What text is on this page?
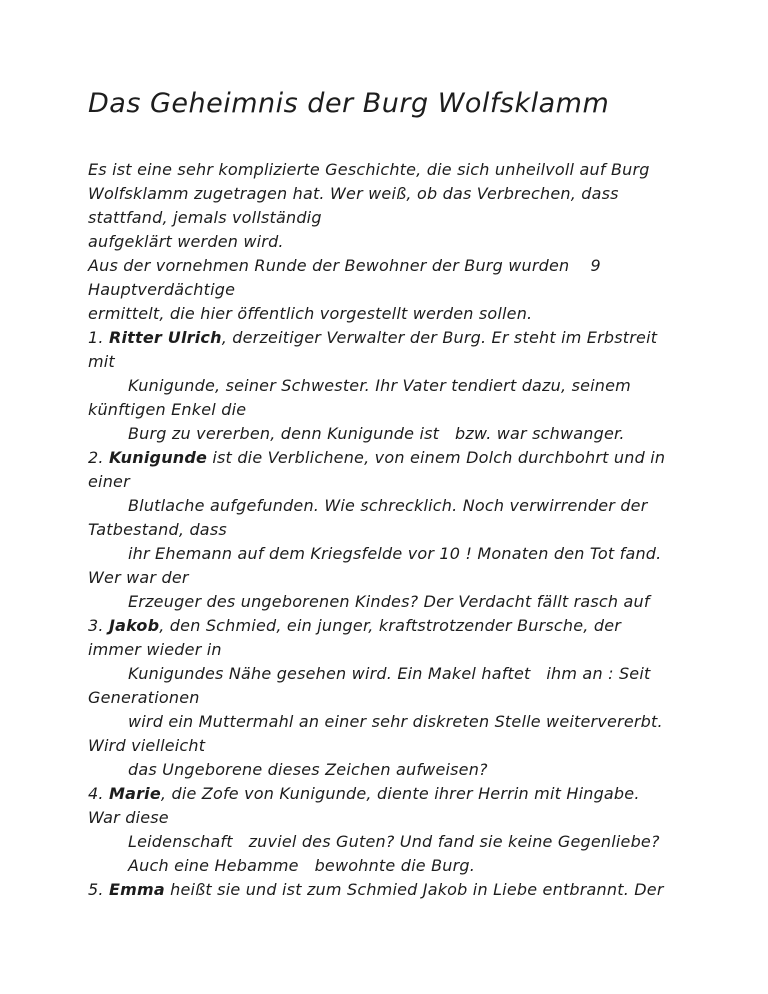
Das Geheimnis der Burg Wolfsklamm
Es ist eine sehr komplizierte Geschichte, die sich unheilvoll auf Burg
Wolfsklamm zugetragen hat. Wer weiß, ob das Verbrechen, dass
stattfand, jemals vollständig
aufgeklärt werden wird.
Aus der vornehmen Runde der Bewohner der Burg wurden    9
Hauptverdächtige
ermittelt, die hier öffentlich vorgestellt werden sollen.
1. Ritter Ulrich, derzeitiger Verwalter der Burg. Er steht im Erbstreit
mit
Kunigunde, seiner Schwester. Ihr Vater tendiert dazu, seinem
künftigen Enkel die
Burg zu vererben, denn Kunigunde ist   bzw. war schwanger.
2. Kunigunde ist die Verblichene, von einem Dolch durchbohrt und in
einer
Blutlache aufgefunden. Wie schrecklich. Noch verwirrender der
Tatbestand, dass
ihr Ehemann auf dem Kriegsfelde vor 10 ! Monaten den Tot fand.
Wer war der
Erzeuger des ungeborenen Kindes? Der Verdacht fällt rasch auf
3. Jakob, den Schmied, ein junger, kraftstrotzender Bursche, der
immer wieder in
Kunigundes Nähe gesehen wird. Ein Makel haftet   ihm an : Seit
Generationen
wird ein Muttermahl an einer sehr diskreten Stelle weitervererbt.
Wird vielleicht
das Ungeborene dieses Zeichen aufweisen?
4. Marie, die Zofe von Kunigunde, diente ihrer Herrin mit Hingabe.
War diese
Leidenschaft   zuviel des Guten? Und fand sie keine Gegenliebe?
Auch eine Hebamme   bewohnte die Burg.
5. Emma heißt sie und ist zum Schmied Jakob in Liebe entbrannt. Der
